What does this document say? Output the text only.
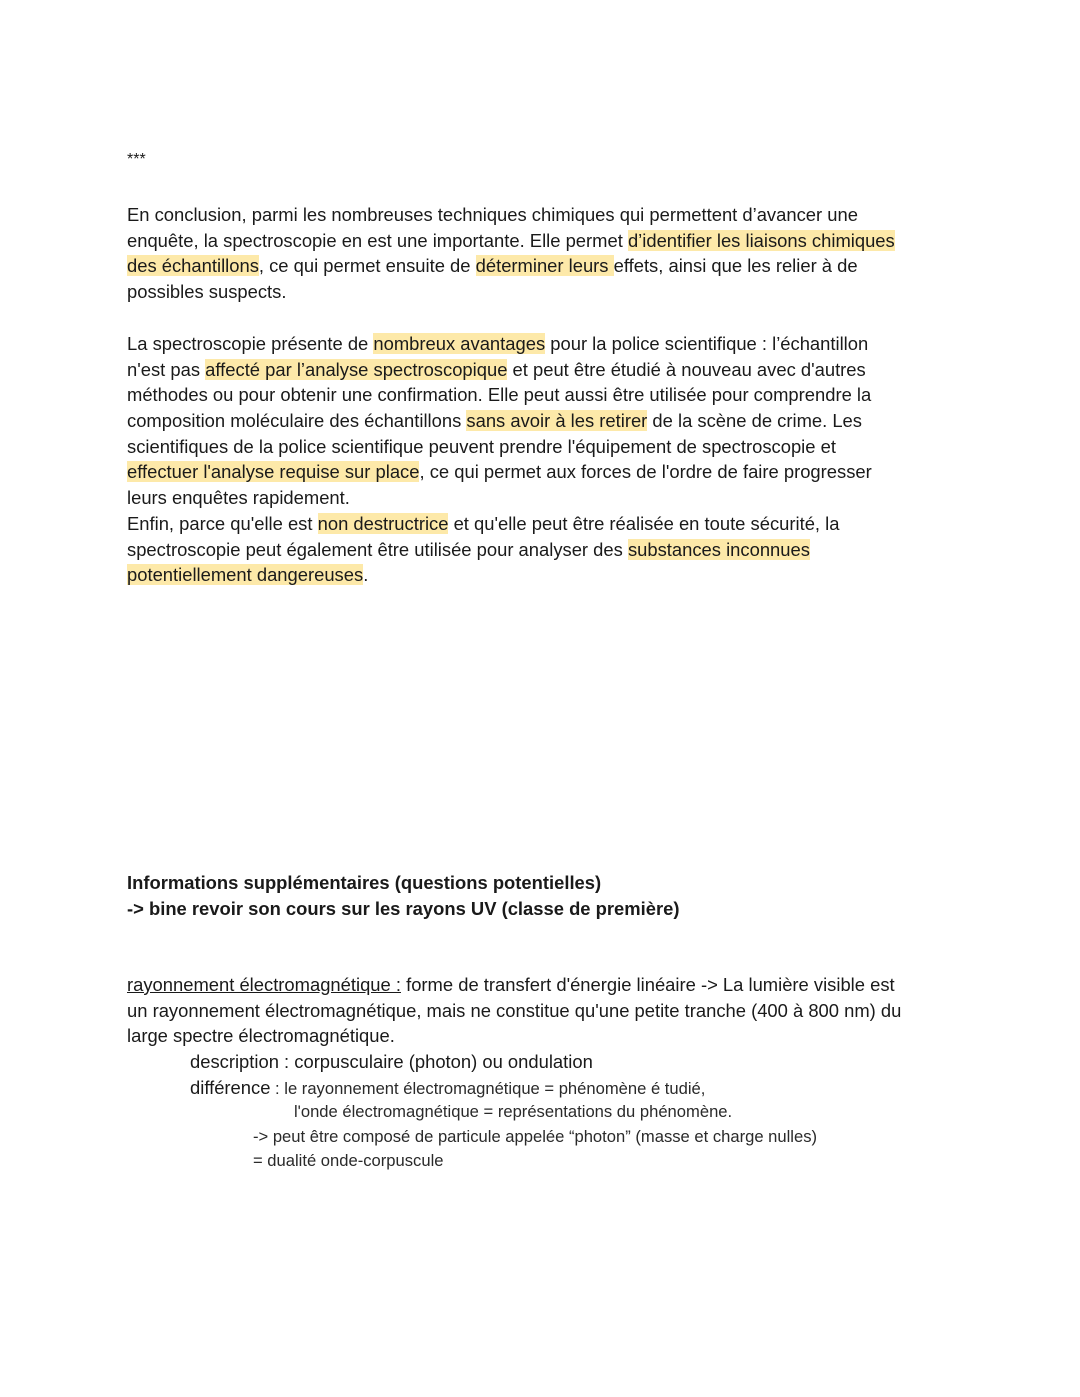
***
En conclusion, parmi les nombreuses techniques chimiques qui permettent d’avancer une
enquête, la spectroscopie en est une importante. Elle permet d’identifier les liaisons chimiques
des échantillons, ce qui permet ensuite de déterminer leurs effets, ainsi que les relier à de
possibles suspects.
La spectroscopie présente de nombreux avantages pour la police scientifique : l’échantillon
n'est pas affecté par l’analyse spectroscopique et peut être étudié à nouveau avec d'autres
méthodes ou pour obtenir une confirmation. Elle peut aussi être utilisée pour comprendre la
composition moléculaire des échantillons sans avoir à les retirer de la scène de crime. Les
scientifiques de la police scientifique peuvent prendre l'équipement de spectroscopie et
effectuer l'analyse requise sur place, ce qui permet aux forces de l'ordre de faire progresser
leurs enquêtes rapidement.
Enfin, parce qu'elle est non destructrice et qu'elle peut être réalisée en toute sécurité, la
spectroscopie peut également être utilisée pour analyser des substances inconnues
potentiellement dangereuses.
Informations supplémentaires (questions potentielles)
-> bine revoir son cours sur les rayons UV (classe de première)
rayonnement électromagnétique : forme de transfert d'énergie linéaire -> La lumière visible est
un rayonnement électromagnétique, mais ne constitue qu'une petite tranche (400 à 800 nm) du
large spectre électromagnétique.
description : corpusculaire (photon) ou ondulation
différence : le rayonnement électromagnétique = phénomène é tudié,
l'onde électromagnétique = représentations du phénomène.
-> peut être composé de particule appelée “photon” (masse et charge nulles)
= dualité onde-corpuscule
